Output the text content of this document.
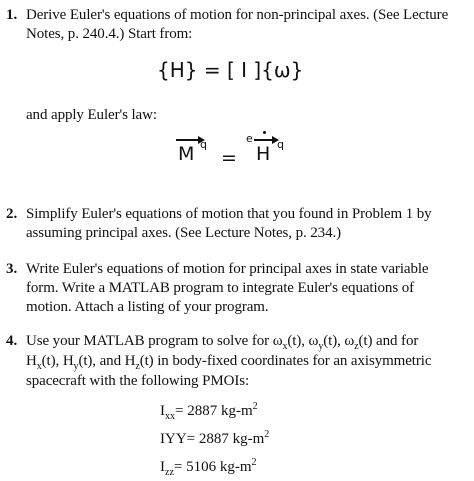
1. Derive Euler's equations of motion for non-principal axes. (See Lecture
Notes, p. 240.4.) Start from:
{H} = [ I ]{ω}
and apply Euler's law:
M q
=
e
H q
2. Simplify Euler's equations of motion that you found in Problem 1 by
assuming principal axes. (See Lecture Notes, p. 234.)
3. Write Euler's equations of motion for principal axes in state variable
form. Write a MATLAB program to integrate Euler's equations of
motion. Attach a listing of your program.
4. Use your MATLAB program to solve for $\omega_x(t)$, $\omega_y(t)$, $\omega_z(t)$ and for
$H_x(t)$, $H_y(t)$, and $H_z(t)$ in body-fixed coordinates for an axisymmetric
spacecraft with the following PMOIs:
$I_{xx}= 2887$ $kg-m^2$
IYY= 2887 $kg-m^2$
$I_{zz}= 5106$ $kg-m^2$
